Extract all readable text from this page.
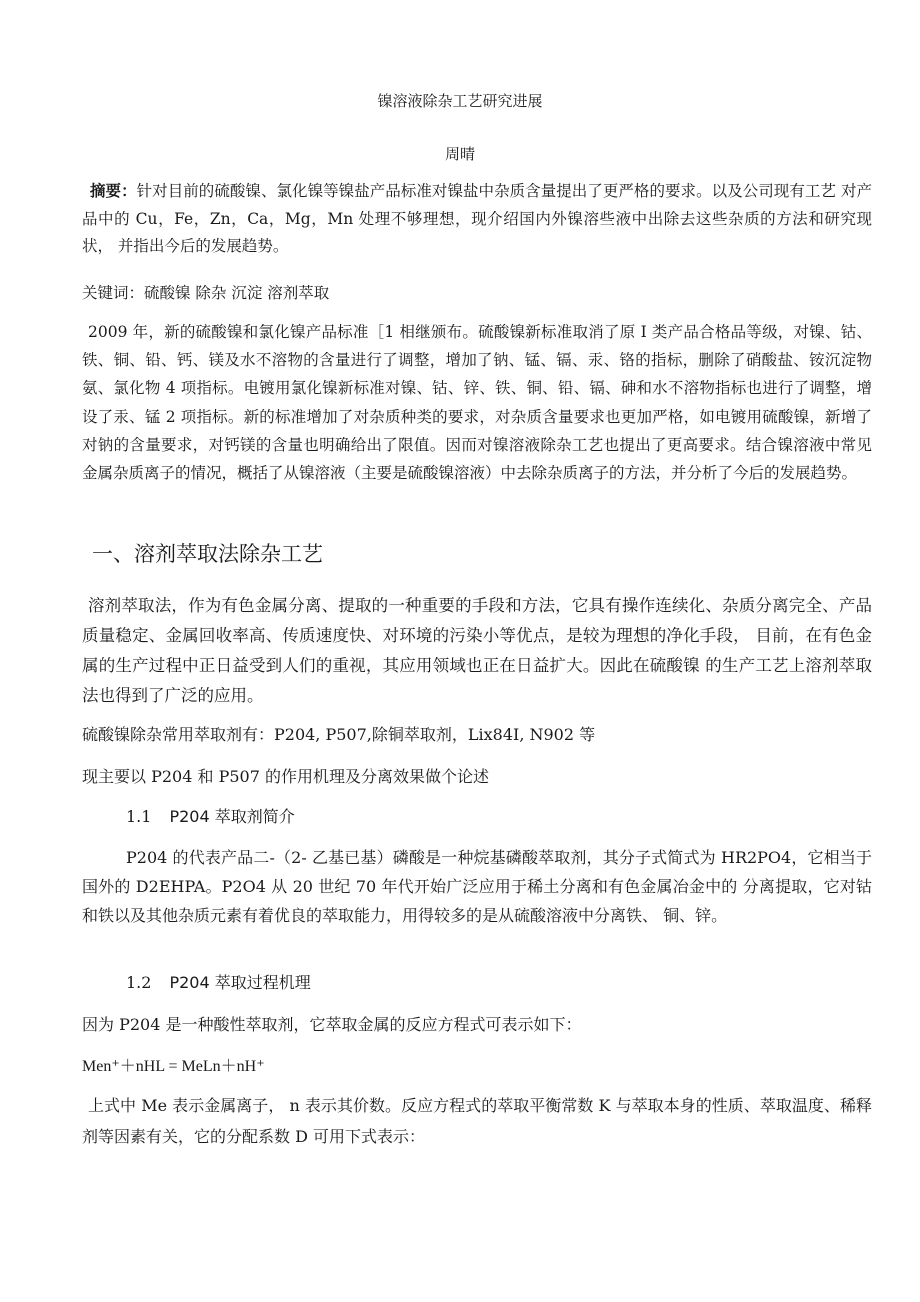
镍溶液除杂工艺研究进展
周晴

摘要：针对目前的硫酸镍、氯化镍等镍盐产品标准对镍盐中杂质含量提出了更严格的要求。以及公司现有工艺 对产品中的 Cu，Fe，Zn，Ca，Mg，Mn 处理不够理想，现介绍国内外镍溶些液中出除去这些杂质的方法和研究现状， 并指出今后的发展趋势。

关键词：硫酸镍 除杂 沉淀 溶剂萃取

2009 年，新的硫酸镍和氯化镍产品标准［1 相继颁布。硫酸镍新标准取消了原 I 类产品合格品等级，对镍、钴、 铁、铜、铅、钙、镁及水不溶物的含量进行了调整，增加了钠、锰、镉、汞、铬的指标，删除了硝酸盐、铵沉淀物 氨、氯化物 4 项指标。电镀用氯化镍新标准对镍、钴、锌、铁、铜、铅、镉、砷和水不溶物指标也进行了调整，增 设了汞、锰 2 项指标。新的标准增加了对杂质种类的要求，对杂质含量要求也更加严格，如电镀用硫酸镍，新增了 对钠的含量要求，对钙镁的含量也明确给出了限值。因而对镍溶液除杂工艺也提出了更高要求。结合镍溶液中常见 金属杂质离子的情况，概括了从镍溶液（主要是硫酸镍溶液）中去除杂质离子的方法，并分析了今后的发展趋势。

一、溶剂萃取法除杂工艺

溶剂萃取法，作为有色金属分离、提取的一种重要的手段和方法，它具有操作连续化、杂质分离完全、产品质量稳定、金属回收率高、传质速度快、对环境的污染小等优点，是较为理想的净化手段， 目前，在有色金属的生产过程中正日益受到人们的重视，其应用领域也正在日益扩大。因此在硫酸镍 的生产工艺上溶剂萃取法也得到了广泛的应用。

硫酸镍除杂常用萃取剂有：P204, P507,除铜萃取剂，Lix84I, N902 等

现主要以 P204 和 P507 的作用机理及分离效果做个论述

1.1 P204 萃取剂简介

P204 的代表产品二-（2- 乙基已基）磷酸是一种烷基磷酸萃取剂，其分子式简式为 HR2PO4，它相当于国外的 D2EHPA。P2O4 从 20 世纪 70 年代开始广泛应用于稀土分离和有色金属冶金中的 分离提取，它对钴和铁以及其他杂质元素有着优良的萃取能力，用得较多的是从硫酸溶液中分离铁、 铜、锌。

1.2 P204 萃取过程机理

因为 P204 是一种酸性萃取剂，它萃取金属的反应方程式可表示如下：

Men⁺＋nHL = MeLn＋nH⁺

上式中 Me 表示金属离子， n 表示其价数。反应方程式的萃取平衡常数 K 与萃取本身的性质、萃取温度、稀释剂等因素有关，它的分配系数 D 可用下式表示：
